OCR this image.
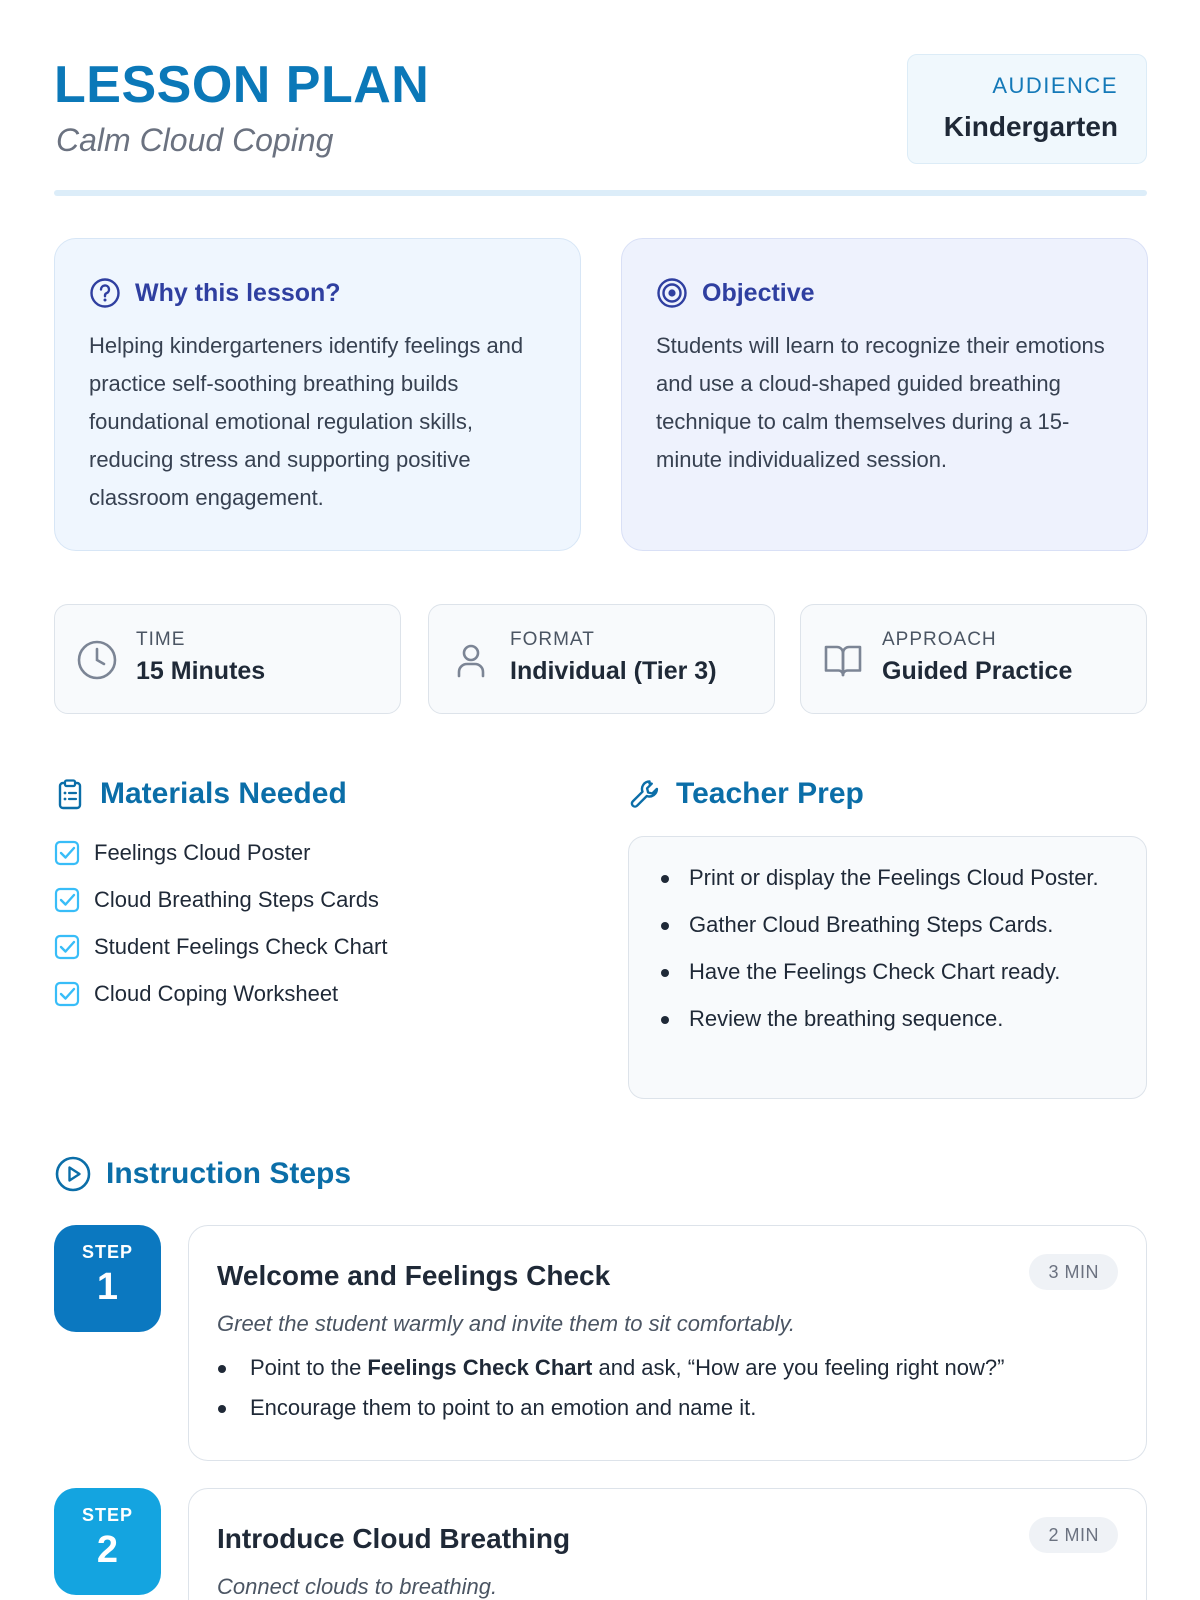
LESSON PLAN
Calm Cloud Coping
AUDIENCE
Kindergarten
Why this lesson?
Helping kindergarteners identify feelings and practice self-soothing breathing builds foundational emotional regulation skills, reducing stress and supporting positive classroom engagement.
Objective
Students will learn to recognize their emotions and use a cloud-shaped guided breathing technique to calm themselves during a 15-minute individualized session.
TIME
15 Minutes
FORMAT
Individual (Tier 3)
APPROACH
Guided Practice
Materials Needed
Feelings Cloud Poster
Cloud Breathing Steps Cards
Student Feelings Check Chart
Cloud Coping Worksheet
Teacher Prep
Print or display the Feelings Cloud Poster.
Gather Cloud Breathing Steps Cards.
Have the Feelings Check Chart ready.
Review the breathing sequence.
Instruction Steps
STEP
1	Welcome and Feelings Check	3 MIN
Greet the student warmly and invite them to sit comfortably.
Point to the Feelings Check Chart and ask, “How are you feeling right now?”
Encourage them to point to an emotion and name it.
STEP
2	Introduce Cloud Breathing	2 MIN
Connect clouds to breathing.
